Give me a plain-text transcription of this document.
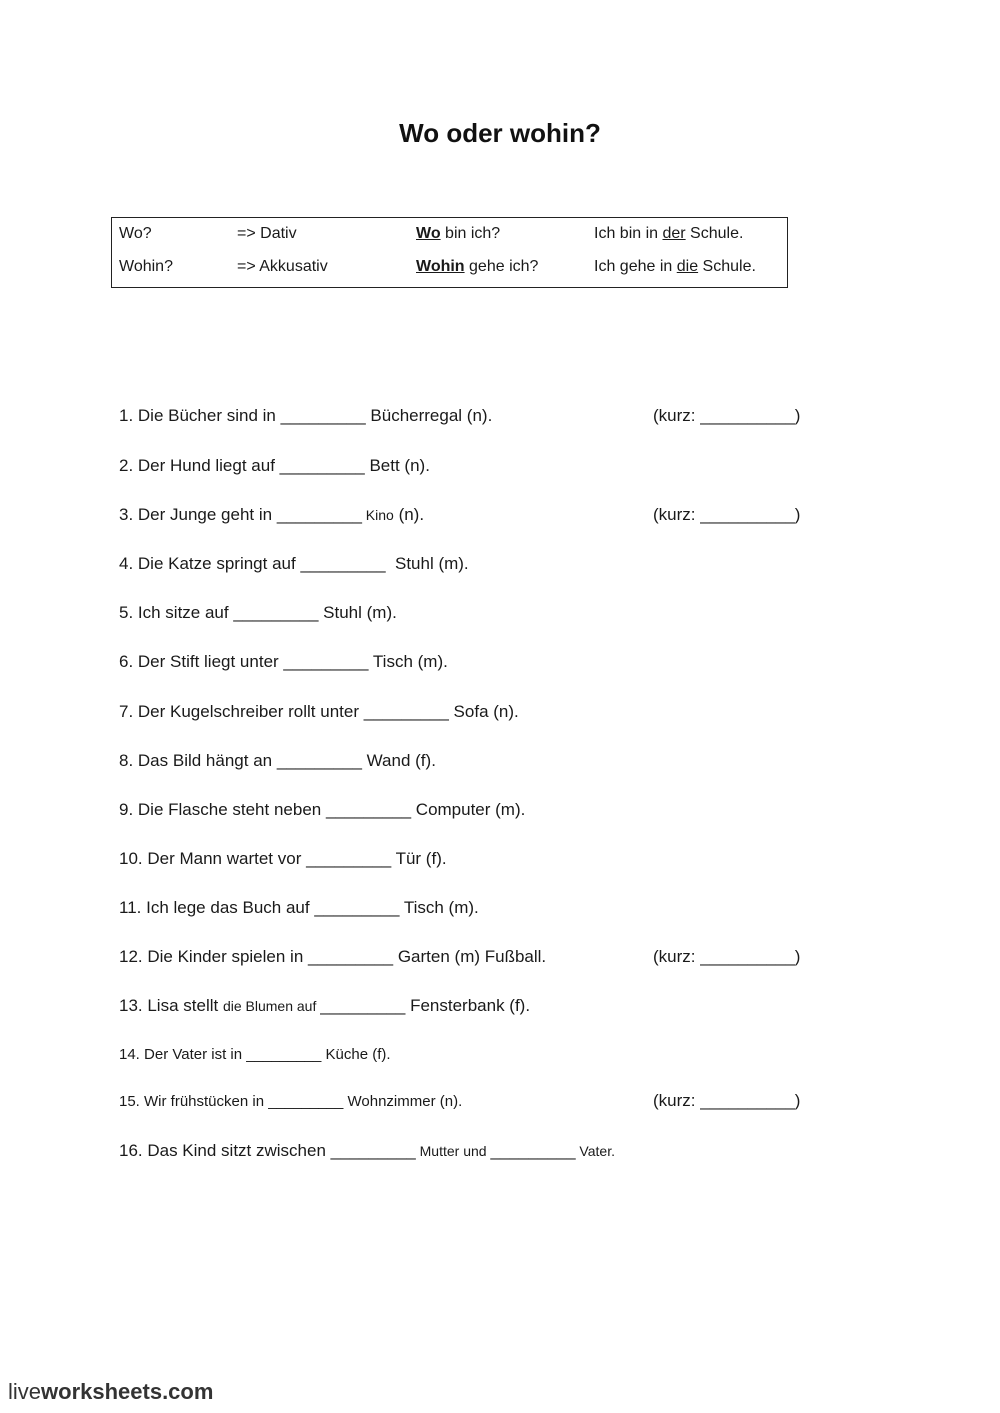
Wo oder wohin?
Wo?	=> Dativ	Wo bin ich?	Ich bin in der Schule.
Wohin?	=> Akkusativ	Wohin gehe ich?	Ich gehe in die Schule.
1. Die Bücher sind in _________ Bücherregal (n).	(kurz: __________)
2. Der Hund liegt auf _________ Bett (n).
3. Der Junge geht in _________ Kino (n).	(kurz: __________)
4. Die Katze springt auf _________  Stuhl (m).
5. Ich sitze auf _________ Stuhl (m).
6. Der Stift liegt unter _________ Tisch (m).
7. Der Kugelschreiber rollt unter _________ Sofa (n).
8. Das Bild hängt an _________ Wand (f).
9. Die Flasche steht neben _________ Computer (m).
10. Der Mann wartet vor _________ Tür (f).
11. Ich lege das Buch auf _________ Tisch (m).
12. Die Kinder spielen in _________ Garten (m) Fußball.	(kurz: __________)
13. Lisa stellt die Blumen auf _________ Fensterbank (f).
14. Der Vater ist in _________ Küche (f).
15. Wir frühstücken in _________ Wohnzimmer (n).	(kurz: __________)
16. Das Kind sitzt zwischen _________ Mutter und _________ Vater.
liveworksheets.com
